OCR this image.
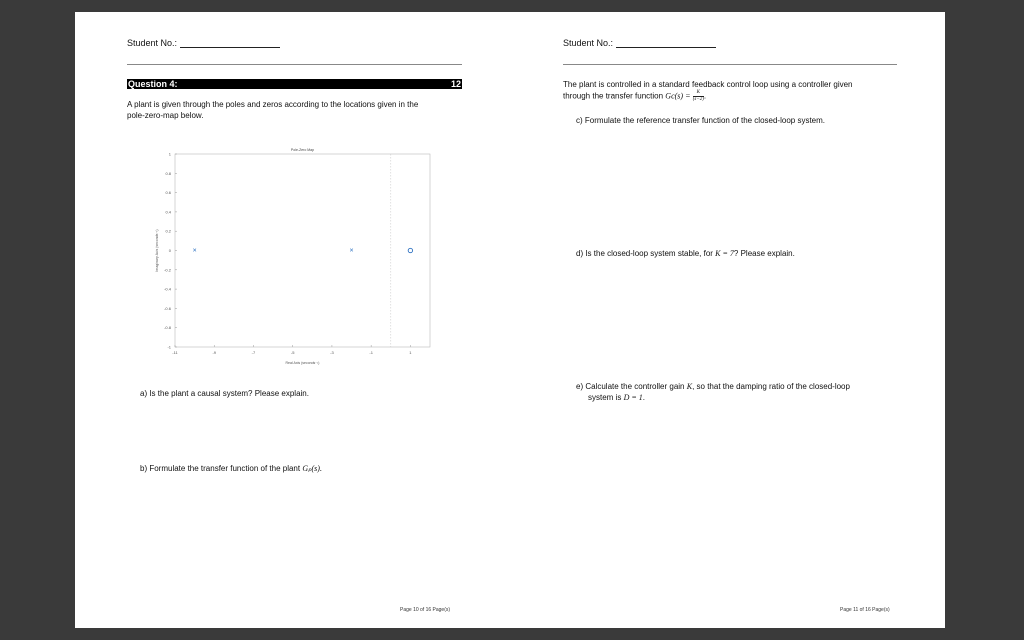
Student No.:
Question 4:	12
A plant is given through the poles and zeros according to the locations given in the
pole-zero-map below.
Pole-Zero Map
-11	-9	-7	-5	-3	-1	1
-1
-0.8
-0.6
-0.4
-0.2
0
0.2
0.4
0.6
0.8
1
Real Axis (seconds⁻¹)
Imaginary Axis (seconds⁻¹)	×	×
a) Is the plant a causal system? Please explain.
b) Formulate the transfer function of the plant Gₚ(s).
Page 10 of 16 Page(s)
Student No.:
The plant is controlled in a standard feedback control loop using a controller given
through the transfer function $Gc(s) = \frac{K}{(s-2)}$ .
c) Formulate the reference transfer function of the closed-loop system.
d) Is the closed-loop system stable, for K = 7? Please explain.
e) Calculate the controller gain K, so that the damping ratio of the closed-loop
system is D = 1.
Page 11 of 16 Page(s)
